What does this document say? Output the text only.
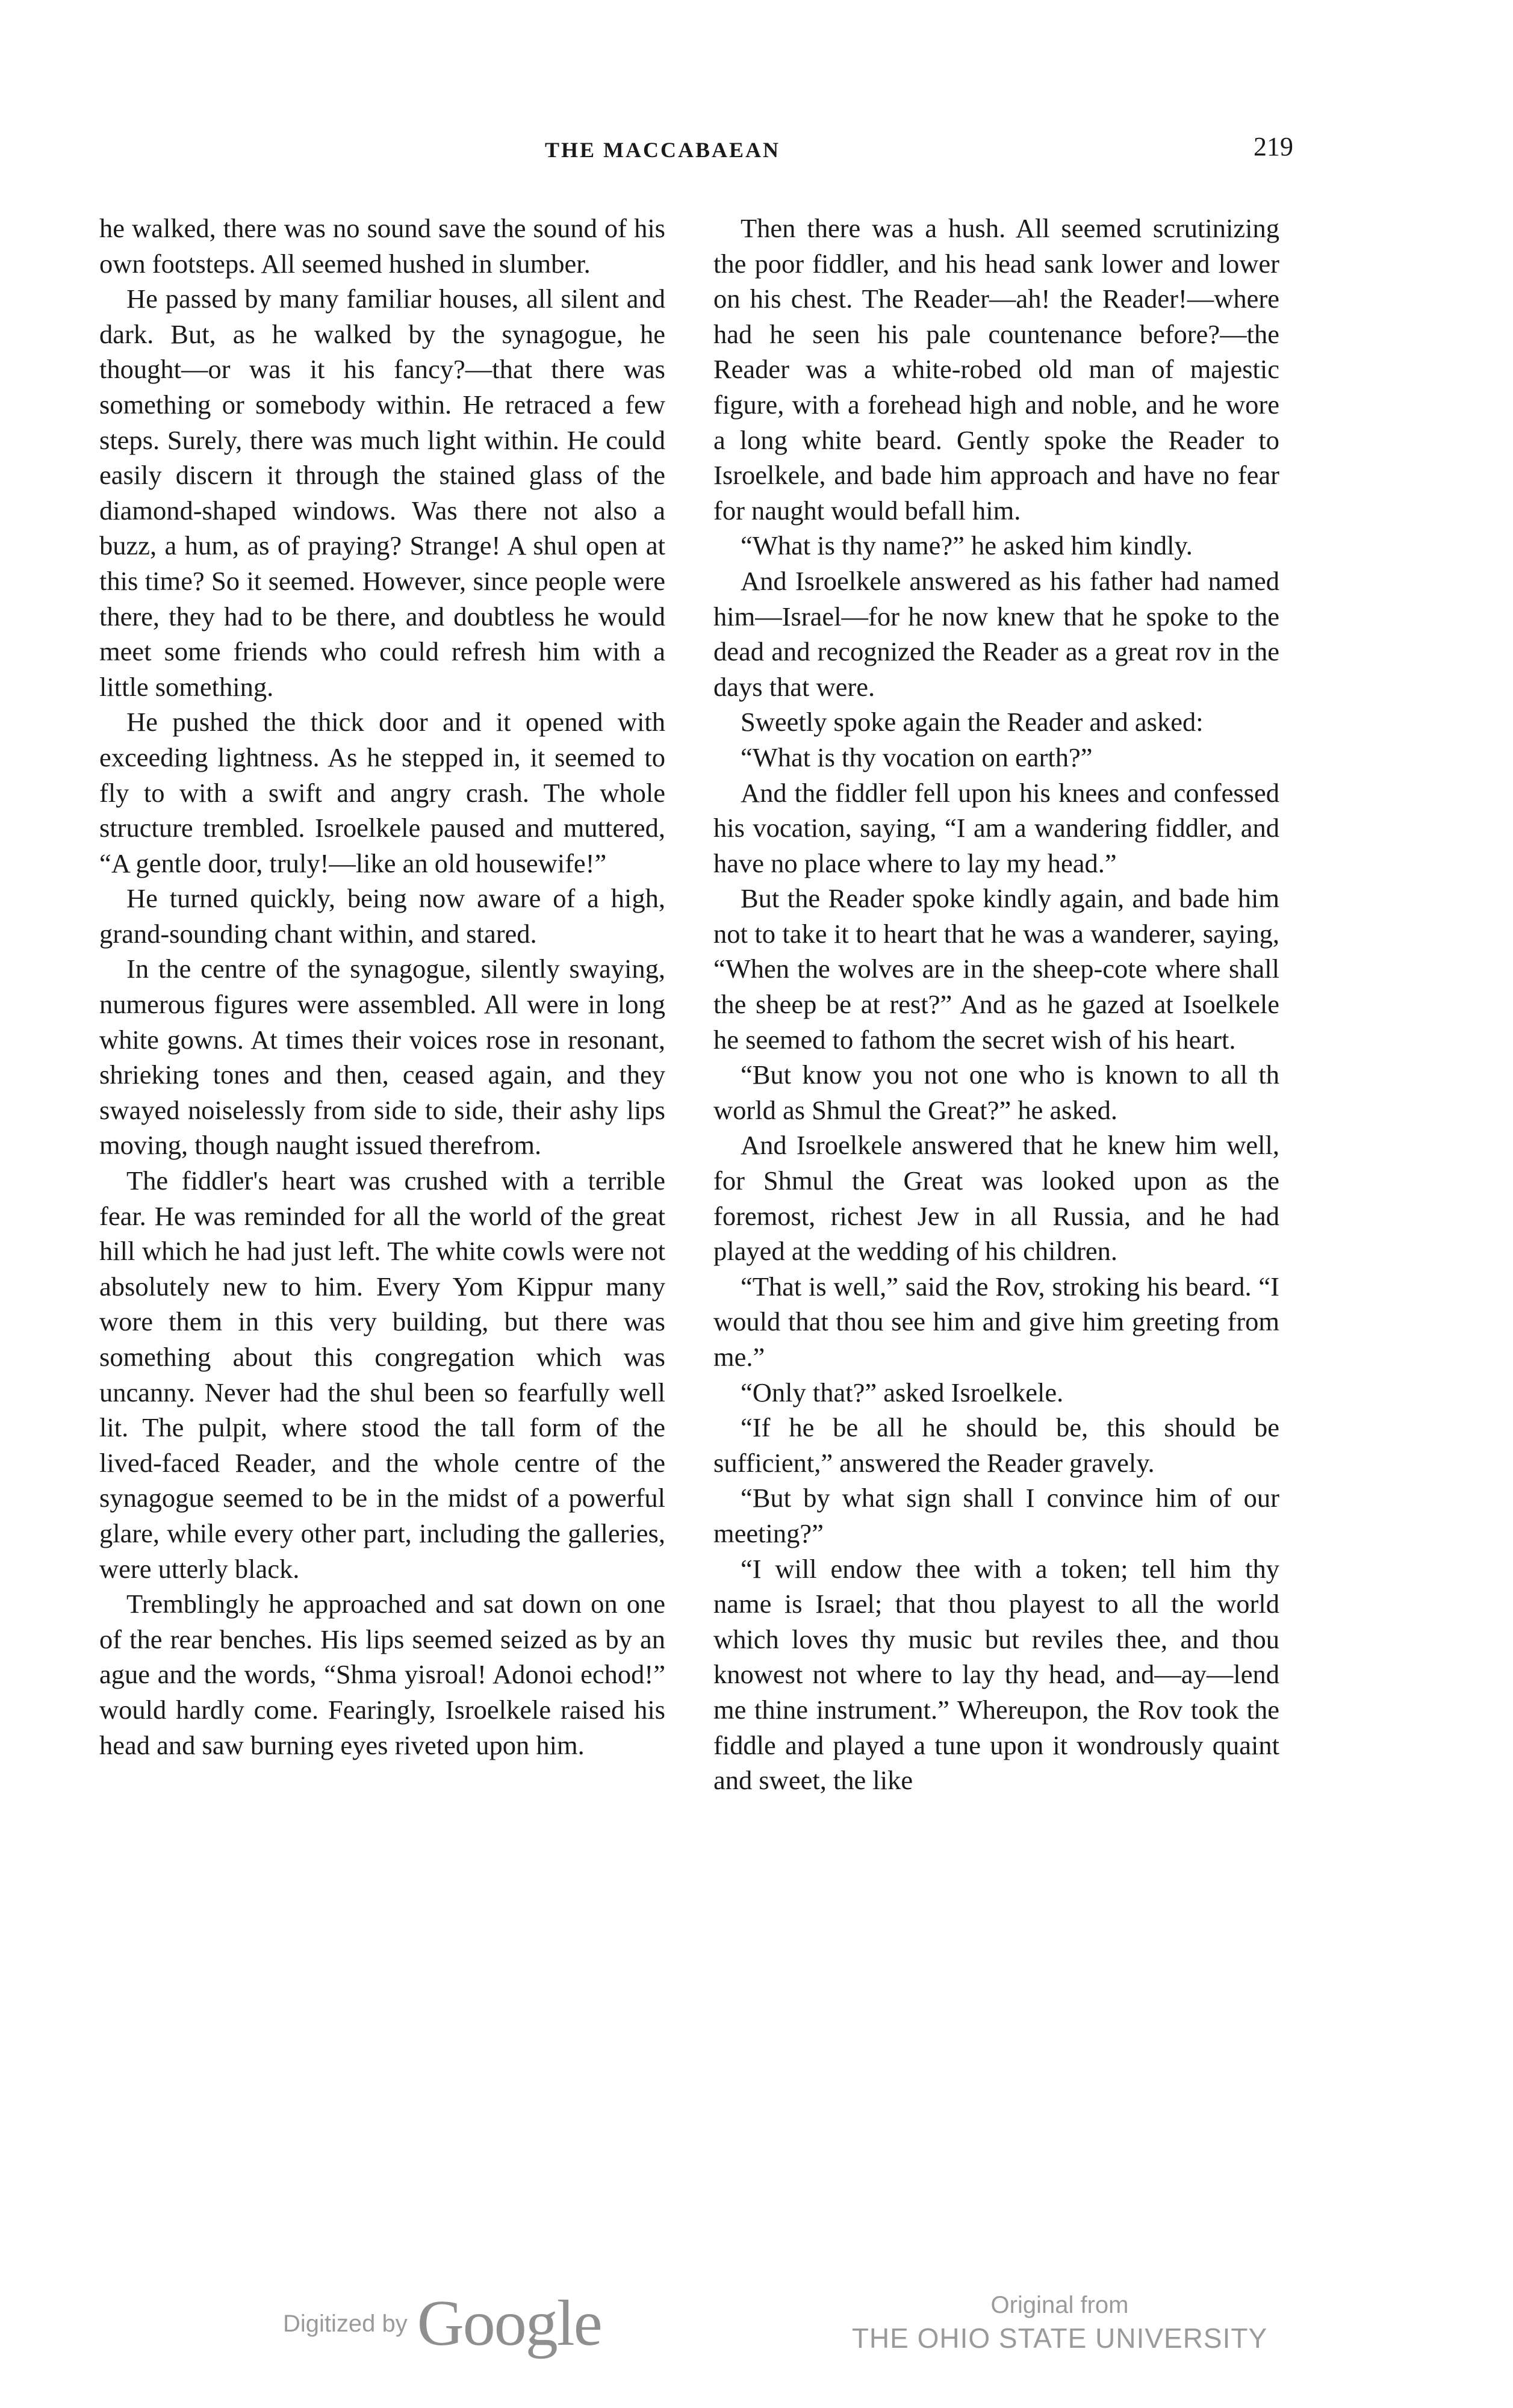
THE MACCABAEAN	219

he walked, there was no sound save the sound of his own footsteps. All seemed hushed in slumber.

He passed by many familiar houses, all silent and dark. But, as he walked by the synagogue, he thought—or was it his fancy?—that there was something or somebody within. He retraced a few steps. Surely, there was much light within. He could easily discern it through the stained glass of the diamond-shaped windows. Was there not also a buzz, a hum, as of praying? Strange! A shul open at this time? So it seemed. However, since people were there, they had to be there, and doubtless he would meet some friends who could refresh him with a little something.

He pushed the thick door and it opened with exceeding lightness. As he stepped in, it seemed to fly to with a swift and angry crash. The whole structure trembled. Isroelkele paused and muttered, “A gentle door, truly!—like an old housewife!”

He turned quickly, being now aware of a high, grand-sounding chant within, and stared.

In the centre of the synagogue, silently swaying, numerous figures were assembled. All were in long white gowns. At times their voices rose in resonant, shrieking tones and then, ceased again, and they swayed noiselessly from side to side, their ashy lips moving, though naught issued therefrom.

The fiddler's heart was crushed with a terrible fear. He was reminded for all the world of the great hill which he had just left. The white cowls were not absolutely new to him. Every Yom Kippur many wore them in this very building, but there was something about this congregation which was uncanny. Never had the shul been so fearfully well lit. The pulpit, where stood the tall form of the lived-faced Reader, and the whole centre of the synagogue seemed to be in the midst of a powerful glare, while every other part, including the galleries, were utterly black.

Tremblingly he approached and sat down on one of the rear benches. His lips seemed seized as by an ague and the words, “Shma yisroal! Adonoi echod!” would hardly come. Fearingly, Isroelkele raised his head and saw burning eyes riveted upon him.

Then there was a hush. All seemed scrutinizing the poor fiddler, and his head sank lower and lower on his chest. The Reader—ah! the Reader!—where had he seen his pale countenance before?—the Reader was a white-robed old man of majestic figure, with a forehead high and noble, and he wore a long white beard. Gently spoke the Reader to Isroelkele, and bade him approach and have no fear for naught would befall him.

“What is thy name?” he asked him kindly.

And Isroelkele answered as his father had named him—Israel—for he now knew that he spoke to the dead and recognized the Reader as a great rov in the days that were.

Sweetly spoke again the Reader and asked:

“What is thy vocation on earth?”

And the fiddler fell upon his knees and confessed his vocation, saying, “I am a wandering fiddler, and have no place where to lay my head.”

But the Reader spoke kindly again, and bade him not to take it to heart that he was a wanderer, saying, “When the wolves are in the sheep-cote where shall the sheep be at rest?” And as he gazed at Isoelkele he seemed to fathom the secret wish of his heart.

“But know you not one who is known to all th world as Shmul the Great?” he asked.

And Isroelkele answered that he knew him well, for Shmul the Great was looked upon as the foremost, richest Jew in all Russia, and he had played at the wedding of his children.

“That is well,” said the Rov, stroking his beard. “I would that thou see him and give him greeting from me.”

“Only that?” asked Isroelkele.

“If he be all he should be, this should be sufficient,” answered the Reader gravely.

“But by what sign shall I convince him of our meeting?”

“I will endow thee with a token; tell him thy name is Israel; that thou playest to all the world which loves thy music but reviles thee, and thou knowest not where to lay thy head, and—ay—lend me thine instrument.” Whereupon, the Rov took the fiddle and played a tune upon it wondrously quaint and sweet, the like

Digitized by Google	Original from
THE OHIO STATE UNIVERSITY
